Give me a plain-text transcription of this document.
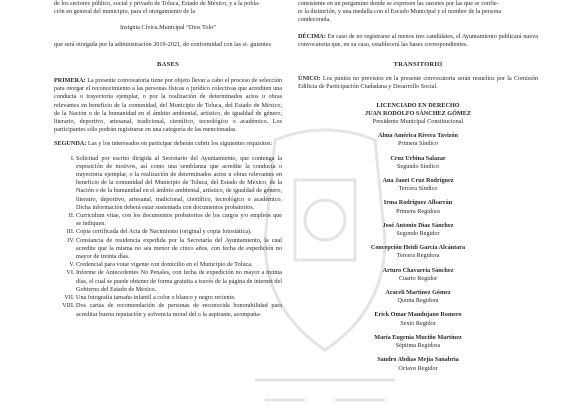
de los sectores público, social y privado de Toluca, Estado de México, y a la pobla-

ción en general del municipio, para el otorgamiento de la

Insignia Cívica Municipal “Dios Tolo”

que será otorgada por la administración 2019-2021, de conformidad con las si- guientes

BASES

PRIMERA: La presente convocatoria tiene por objeto llevar a cabo el proceso de selección para otorgar el reconocimiento a las personas físicas o jurídico colectivas que acrediten una conducta o trayectoria ejemplar, o por la realización de determinados actos u obras relevantes en beneficio de la comunidad, del Municipio de Toluca, del Estado de México, de la Nación o de la humanidad en el ámbito ambiental, artístico, de igualdad de género, literario, deportivo, artesanal, tradicional, científico, tecnológico o académico. Los participantes sólo podrán registrarse en una categoría de las mencionadas.

SEGUNDA: Las y los interesados en participar deberán cubrir los siguientes requisitos:

I. Solicitud por escrito dirigida al Secretario del Ayuntamiento, que contenga la exposición de motivos, así como una semblanza que acredite la conducta o trayectoria ejemplar, o la realización de determinados actos u obras relevantes en beneficio de la comunidad del Municipio de Toluca, del Estado de México, de la Nación o de la humanidad en el ámbito ambiental, artístico, de igualdad de género, literario, deportivo, artesanal, tradicional, científico, tecnológico o académico. Dicha información deberá estar sustentada con documentos probatorios.
II. Curriculum vitae, con los documentos probatorios de los cargos y/o empleos que se indiquen.
III. Copia certificada del Acta de Nacimiento (original y copia fotostática).
IV. Constancia de residencia expedida por la Secretaría del Ayuntamiento, la cual acredite que la misma no sea menor de cinco años, con fecha de expedición no mayor de treinta días.
V. Credencial para votar vigente con domicilio en el Municipio de Toluca.
VI. Informe de Antecedentes No Penales, con fecha de expedición no mayor a treinta días, el cual se puede obtener de forma gratuita a través de la página de internet del Gobierno del Estado de México.
VII. Una fotografía tamaño infantil a color o blanco y negro reciente.
VIII. Dos cartas de recomendación de personas de reconocida honorabilidad para acreditar buena reputación y solvencia moral del o la aspirante, acompaña-

consistente en un pergamino donde se expresen las razones por las que se confie-

re la distinción, y una medalla con el Escudo Municipal y el nombre de la persona

condecorada.

DÉCIMA: En caso de no registrarse al menos tres candidatos, el Ayuntamiento publicará nueva convocatoria que, en su caso, establecerá las bases correspondientes.

TRANSITORIO

ÚNICO: Los puntos no previstos en la presente convocatoria serán resueltos por la Comisión Edilicia de Participación Ciudadana y Desarrollo Social.

LICENCIADO EN DERECHO
JUAN RODOLFO SÁNCHEZ GÓMEZ
Presidente Municipal Constitucional
Alma América Rivera Tavizón
Primera Síndico
Cruz Urbina Salazar
Segundo Síndico
Ana Janet Cruz Rodríguez
Tercera Síndico
Irma Rodríguez Albarrán
Primera Regidora
José Antonio Díaz Sánchez
Segundo Regidor
Concepción Heidi García Alcántara
Tercera Regidora
Arturo Chavarría Sánchez
Cuarto Regidor
Araceli Martínez Gómez
Quinta Regidora
Erick Omar Mandujano Romero
Sexto Regidor
María Eugenia Muciño Martínez
Séptima Regidora
Sandro Abdías Mejía Sanabria
Octavo Regidor
